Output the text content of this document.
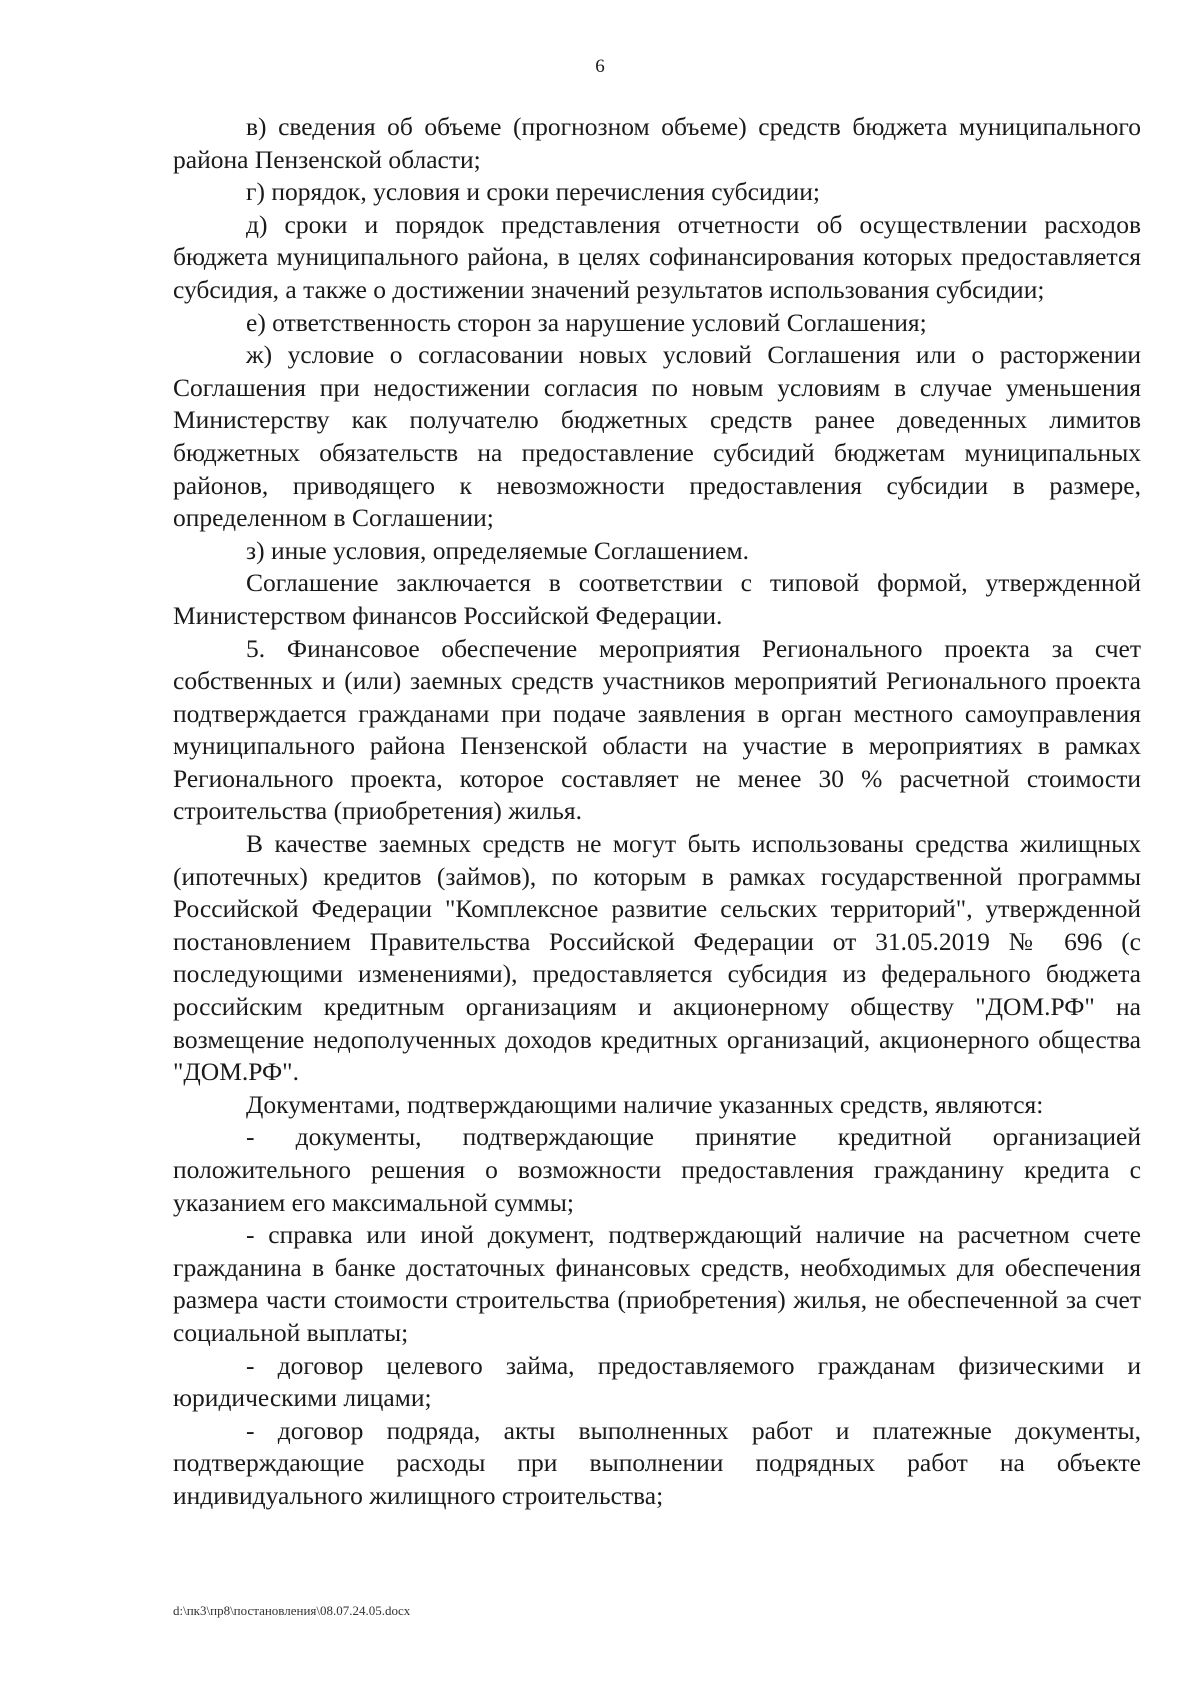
6

в) сведения об объеме (прогнозном объеме) средств бюджета муниципального района Пензенской области;

г) порядок, условия и сроки перечисления субсидии;

д) сроки и порядок представления отчетности об осуществлении расходов бюджета муниципального района, в целях софинансирования которых предоставляется субсидия, а также о достижении значений результатов использования субсидии;

е) ответственность сторон за нарушение условий Соглашения;

ж) условие о согласовании новых условий Соглашения или о расторжении Соглашения при недостижении согласия по новым условиям в случае уменьшения Министерству как получателю бюджетных средств ранее доведенных лимитов бюджетных обязательств на предоставление субсидий бюджетам муниципальных районов, приводящего к невозможности предоставления субсидии в размере, определенном в Соглашении;

з) иные условия, определяемые Соглашением.

Соглашение заключается в соответствии с типовой формой, утвержденной Министерством финансов Российской Федерации.

5. Финансовое обеспечение мероприятия Регионального проекта за счет собственных и (или) заемных средств участников мероприятий Регионального проекта подтверждается гражданами при подаче заявления в орган местного самоуправления муниципального района Пензенской области на участие в мероприятиях в рамках Регионального проекта, которое составляет не менее 30 % расчетной стоимости строительства (приобретения) жилья.

В качестве заемных средств не могут быть использованы средства жилищных (ипотечных) кредитов (займов), по которым в рамках государственной программы Российской Федерации "Комплексное развитие сельских территорий", утвержденной постановлением Правительства Российской Федерации от 31.05.2019 № 696 (с последующими изменениями), предоставляется субсидия из федерального бюджета российским кредитным организациям и акционерному обществу "ДОМ.РФ" на возмещение недополученных доходов кредитных организаций, акционерного общества "ДОМ.РФ".

Документами, подтверждающими наличие указанных средств, являются:

- документы, подтверждающие принятие кредитной организацией положительного решения о возможности предоставления гражданину кредита с указанием его максимальной суммы;

- справка или иной документ, подтверждающий наличие на расчетном счете гражданина в банке достаточных финансовых средств, необходимых для обеспечения размера части стоимости строительства (приобретения) жилья, не обеспеченной за счет социальной выплаты;

- договор целевого займа, предоставляемого гражданам физическими и юридическими лицами;

- договор подряда, акты выполненных работ и платежные документы, подтверждающие расходы при выполнении подрядных работ на объекте индивидуального жилищного строительства;

d:\пк3\пр8\постановления\08.07.24.05.docx
